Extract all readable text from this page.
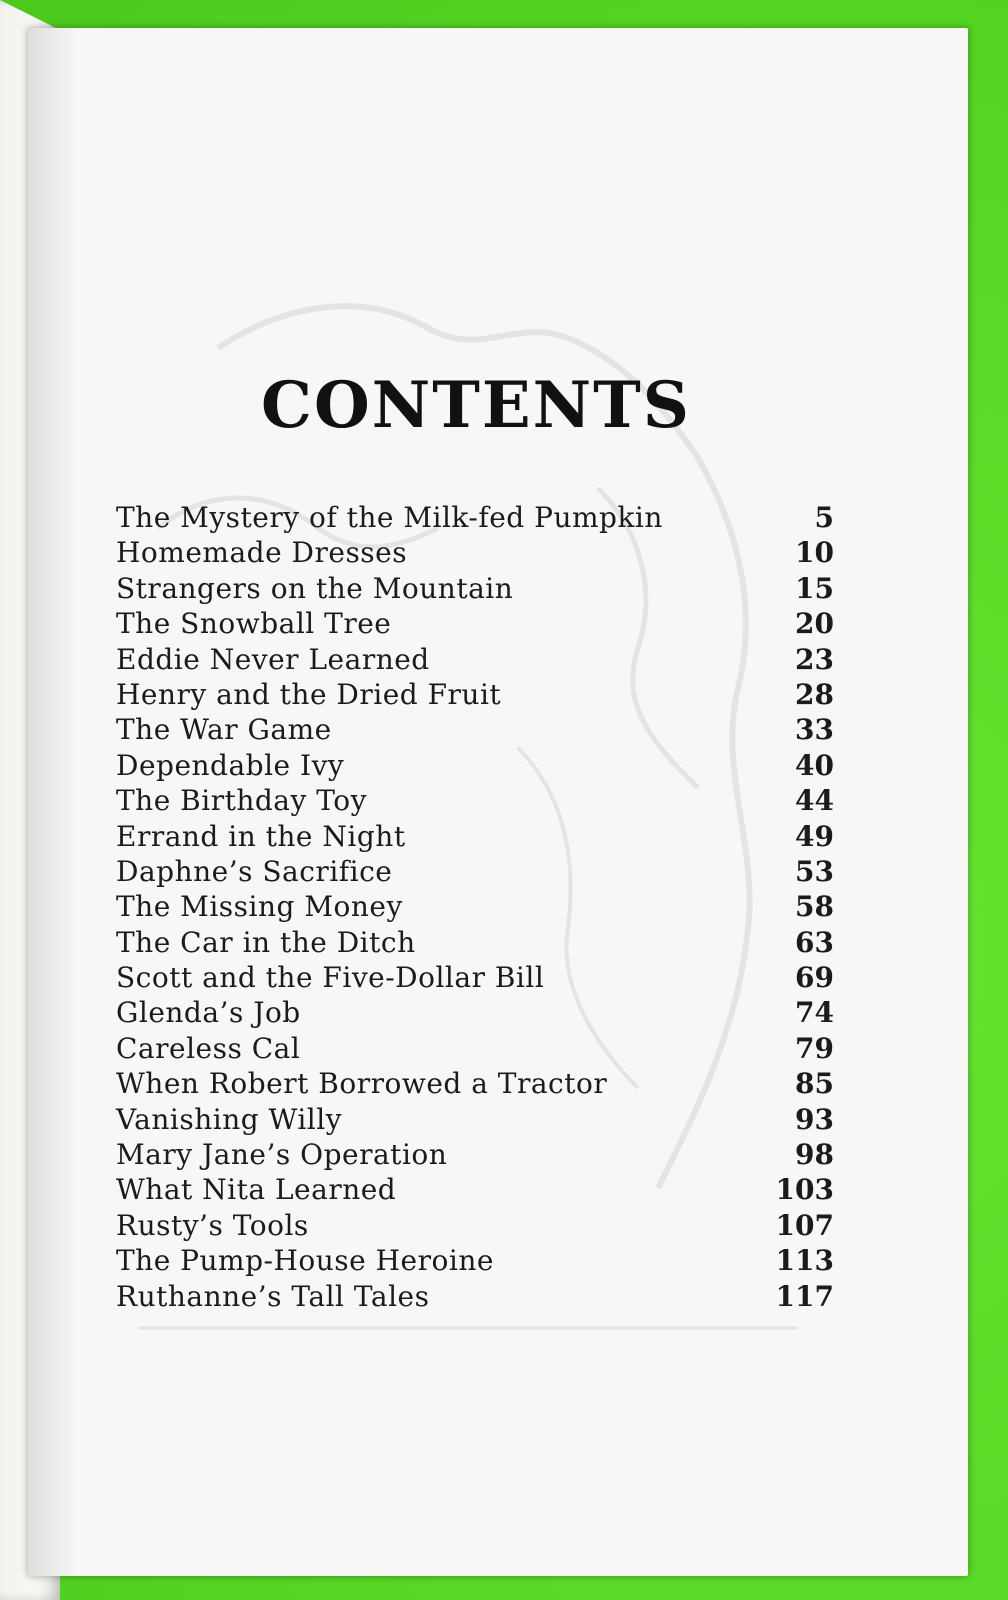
CONTENTS
The Mystery of the Milk-fed Pumpkin	5
Homemade Dresses	10
Strangers on the Mountain	15
The Snowball Tree	20
Eddie Never Learned	23
Henry and the Dried Fruit	28
The War Game	33
Dependable Ivy	40
The Birthday Toy	44
Errand in the Night	49
Daphne’s Sacrifice	53
The Missing Money	58
The Car in the Ditch	63
Scott and the Five-Dollar Bill	69
Glenda’s Job	74
Careless Cal	79
When Robert Borrowed a Tractor	85
Vanishing Willy	93
Mary Jane’s Operation	98
What Nita Learned	103
Rusty’s Tools	107
The Pump-House Heroine	113
Ruthanne’s Tall Tales	117
